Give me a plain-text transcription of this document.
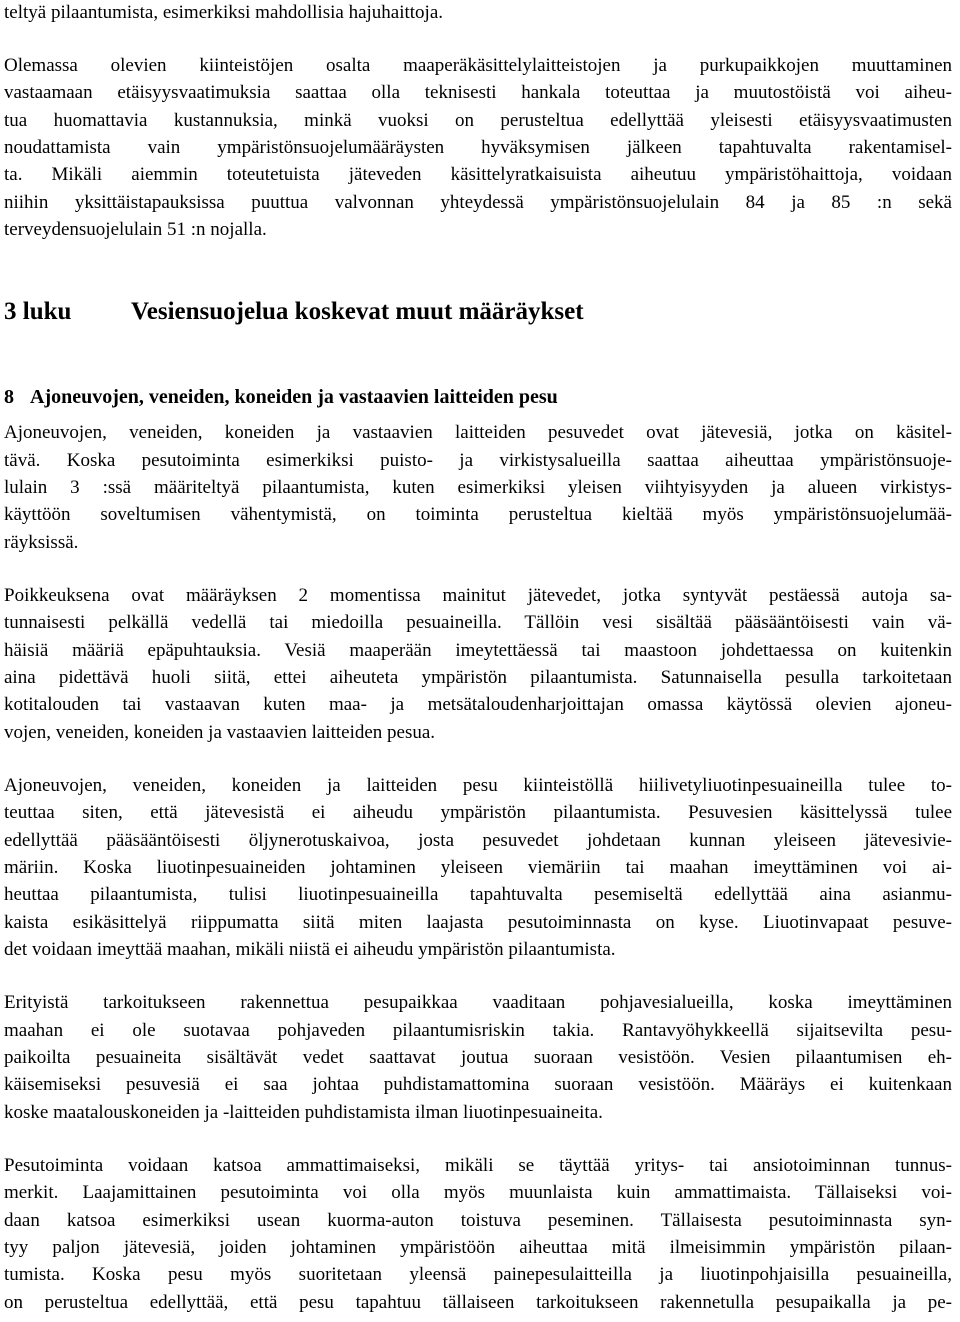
teltyä pilaantumista, esimerkiksi mahdollisia hajuhaittoja.
Olemassa olevien kiinteistöjen osalta maaperäkäsittelylaitteistojen ja purkupaikkojen muuttaminen
vastaamaan etäisyysvaatimuksia saattaa olla teknisesti hankala toteuttaa ja muutostöistä voi aiheu-
tua huomattavia kustannuksia, minkä vuoksi on perusteltua edellyttää yleisesti etäisyysvaatimusten
noudattamista vain ympäristönsuojelumääräysten hyväksymisen jälkeen tapahtuvalta rakentamisel-
ta. Mikäli aiemmin toteutetuista jäteveden käsittelyratkaisuista aiheutuu ympäristöhaittoja, voidaan
niihin yksittäistapauksissa puuttua valvonnan yhteydessä ympäristönsuojelulain 84 ja 85 :n sekä
terveydensuojelulain 51 :n nojalla.
3 luku Vesiensuojelua koskevat muut määräykset
8 Ajoneuvojen, veneiden, koneiden ja vastaavien laitteiden pesu
Ajoneuvojen, veneiden, koneiden ja vastaavien laitteiden pesuvedet ovat jätevesiä, jotka on käsitel-
tävä. Koska pesutoiminta esimerkiksi puisto- ja virkistysalueilla saattaa aiheuttaa ympäristönsuoje-
lulain 3 :ssä määriteltyä pilaantumista, kuten esimerkiksi yleisen viihtyisyyden ja alueen virkistys-
käyttöön soveltumisen vähentymistä, on toiminta perusteltua kieltää myös ympäristönsuojelumää-
räyksissä.
Poikkeuksena ovat määräyksen 2 momentissa mainitut jätevedet, jotka syntyvät pestäessä autoja sa-
tunnaisesti pelkällä vedellä tai miedoilla pesuaineilla. Tällöin vesi sisältää pääsääntöisesti vain vä-
häisiä määriä epäpuhtauksia. Vesiä maaperään imeytettäessä tai maastoon johdettaessa on kuitenkin
aina pidettävä huoli siitä, ettei aiheuteta ympäristön pilaantumista. Satunnaisella pesulla tarkoitetaan
kotitalouden tai vastaavan kuten maa- ja metsätaloudenharjoittajan omassa käytössä olevien ajoneu-
vojen, veneiden, koneiden ja vastaavien laitteiden pesua.
Ajoneuvojen, veneiden, koneiden ja laitteiden pesu kiinteistöllä hiilivetyliuotinpesuaineilla tulee to-
teuttaa siten, että jätevesistä ei aiheudu ympäristön pilaantumista. Pesuvesien käsittelyssä tulee
edellyttää pääsääntöisesti öljynerotuskaivoa, josta pesuvedet johdetaan kunnan yleiseen jätevesivie-
märiin. Koska liuotinpesuaineiden johtaminen yleiseen viemäriin tai maahan imeyttäminen voi ai-
heuttaa pilaantumista, tulisi liuotinpesuaineilla tapahtuvalta pesemiseltä edellyttää aina asianmu-
kaista esikäsittelyä riippumatta siitä miten laajasta pesutoiminnasta on kyse. Liuotinvapaat pesuve-
det voidaan imeyttää maahan, mikäli niistä ei aiheudu ympäristön pilaantumista.
Erityistä tarkoitukseen rakennettua pesupaikkaa vaaditaan pohjavesialueilla, koska imeyttäminen
maahan ei ole suotavaa pohjaveden pilaantumisriskin takia. Rantavyöhykkeellä sijaitsevilta pesu-
paikoilta pesuaineita sisältävät vedet saattavat joutua suoraan vesistöön. Vesien pilaantumisen eh-
käisemiseksi pesuvesiä ei saa johtaa puhdistamattomina suoraan vesistöön. Määräys ei kuitenkaan
koske maatalouskoneiden ja -laitteiden puhdistamista ilman liuotinpesuaineita.
Pesutoiminta voidaan katsoa ammattimaiseksi, mikäli se täyttää yritys- tai ansiotoiminnan tunnus-
merkit. Laajamittainen pesutoiminta voi olla myös muunlaista kuin ammattimaista. Tällaiseksi voi-
daan katsoa esimerkiksi usean kuorma-auton toistuva peseminen. Tällaisesta pesutoiminnasta syn-
tyy paljon jätevesiä, joiden johtaminen ympäristöön aiheuttaa mitä ilmeisimmin ympäristön pilaan-
tumista. Koska pesu myös suoritetaan yleensä painepesulaitteilla ja liuotinpohjaisilla pesuaineilla,
on perusteltua edellyttää, että pesu tapahtuu tällaiseen tarkoitukseen rakennetulla pesupaikalla ja pe-
